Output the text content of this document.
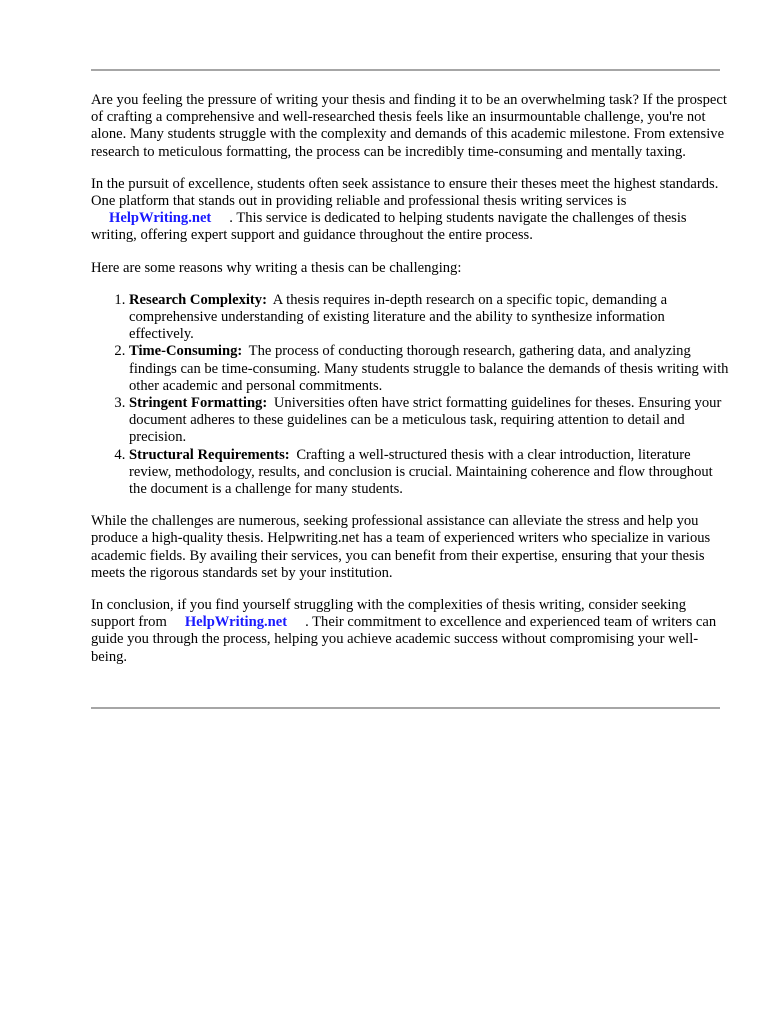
Are you feeling the pressure of writing your thesis and finding it to be an overwhelming task? If the prospect of crafting a comprehensive and well-researched thesis feels like an insurmountable challenge, you're not alone. Many students struggle with the complexity and demands of this academic milestone. From extensive research to meticulous formatting, the process can be incredibly time-consuming and mentally taxing.

In the pursuit of excellence, students often seek assistance to ensure their theses meet the highest standards. One platform that stands out in providing reliable and professional thesis writing services isHelpWriting.net . This service is dedicated to helping students navigate the challenges of thesis writing, offering expert support and guidance throughout the entire process.

Here are some reasons why writing a thesis can be challenging:

1. Research Complexity: A thesis requires in-depth research on a specific topic, demanding a comprehensive understanding of existing literature and the ability to synthesize information effectively.
2. Time-Consuming: The process of conducting thorough research, gathering data, and analyzing findings can be time-consuming. Many students struggle to balance the demands of thesis writing with other academic and personal commitments.
3. Stringent Formatting: Universities often have strict formatting guidelines for theses. Ensuring your document adheres to these guidelines can be a meticulous task, requiring attention to detail and precision.
4. Structural Requirements: Crafting a well-structured thesis with a clear introduction, literature review, methodology, results, and conclusion is crucial. Maintaining coherence and flow throughout the document is a challenge for many students.

While the challenges are numerous, seeking professional assistance can alleviate the stress and help you produce a high-quality thesis. Helpwriting.net has a team of experienced writers who specialize in various academic fields. By availing their services, you can benefit from their expertise, ensuring that your thesis meets the rigorous standards set by your institution.

In conclusion, if you find yourself struggling with the complexities of thesis writing, consider seeking support from HelpWriting.net . Their commitment to excellence and experienced team of writers can guide you through the process, helping you achieve academic success without compromising your well-being.
